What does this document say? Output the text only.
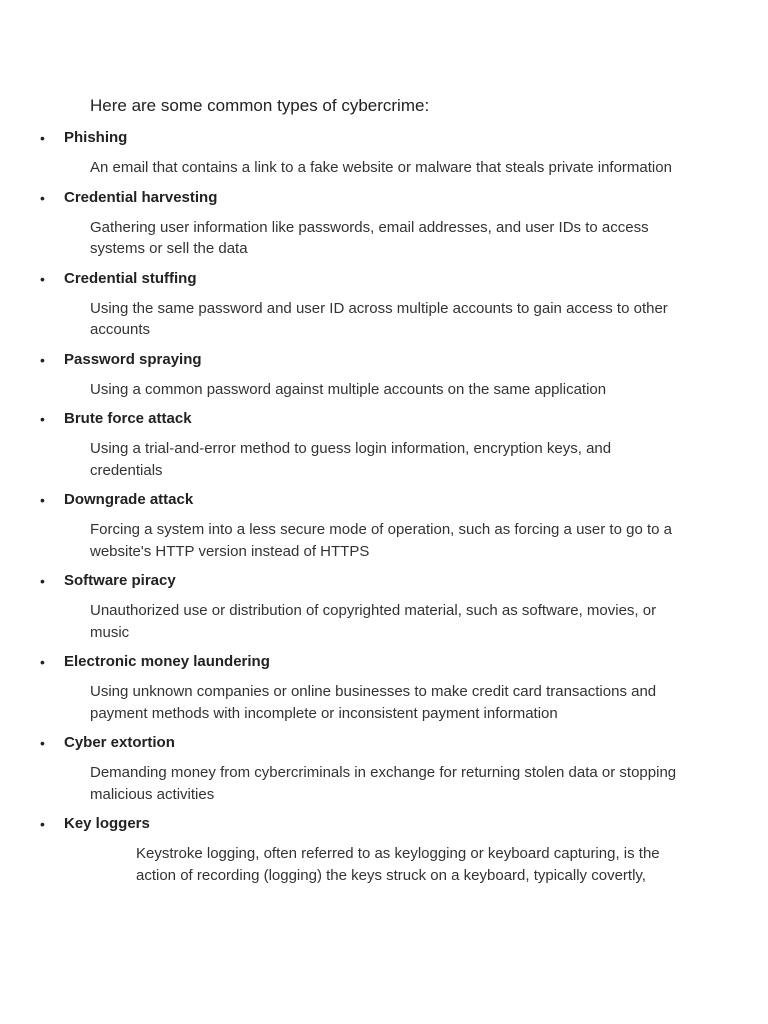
Here are some common types of cybercrime:
• Phishing
An email that contains a link to a fake website or malware that steals private information
• Credential harvesting
Gathering user information like passwords, email addresses, and user IDs to access systems or sell the data
• Credential stuffing
Using the same password and user ID across multiple accounts to gain access to other accounts
• Password spraying
Using a common password against multiple accounts on the same application
• Brute force attack
Using a trial-and-error method to guess login information, encryption keys, and credentials
• Downgrade attack
Forcing a system into a less secure mode of operation, such as forcing a user to go to a website's HTTP version instead of HTTPS
• Software piracy
Unauthorized use or distribution of copyrighted material, such as software, movies, or music
• Electronic money laundering
Using unknown companies or online businesses to make credit card transactions and payment methods with incomplete or inconsistent payment information
• Cyber extortion
Demanding money from cybercriminals in exchange for returning stolen data or stopping malicious activities
• Key loggers
Keystroke logging, often referred to as keylogging or keyboard capturing, is the action of recording (logging) the keys struck on a keyboard, typically covertly,
